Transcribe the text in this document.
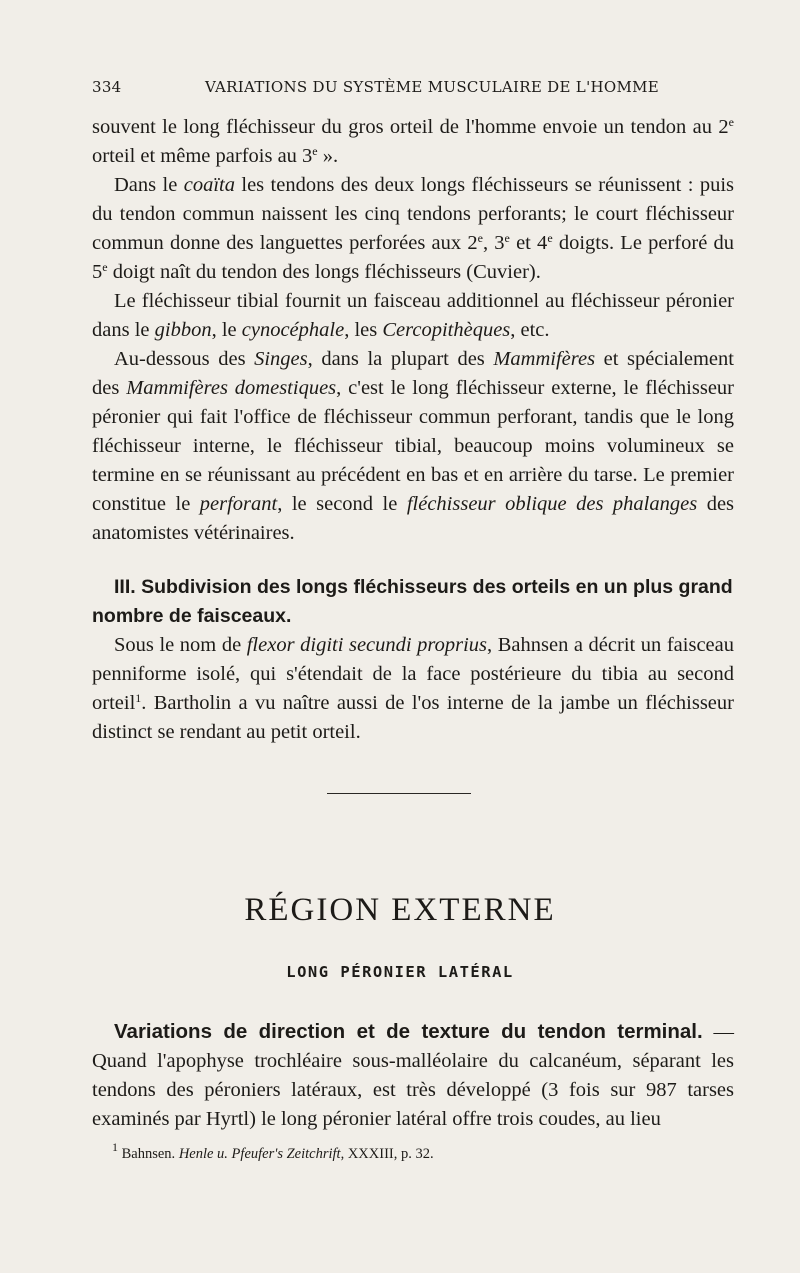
334	VARIATIONS DU SYSTÈME MUSCULAIRE DE L'HOMME

souvent le long fléchisseur du gros orteil de l'homme envoie un tendon au 2e orteil et même parfois au 3e ».

Dans le coaïta les tendons des deux longs fléchisseurs se réunissent : puis du tendon commun naissent les cinq tendons perforants; le court fléchisseur commun donne des languettes perforées aux 2e, 3e et 4e doigts. Le perforé du 5e doigt naît du tendon des longs fléchisseurs (Cuvier).

Le fléchisseur tibial fournit un faisceau additionnel au fléchisseur péronier dans le gibbon, le cynocéphale, les Cercopithèques, etc.

Au-dessous des Singes, dans la plupart des Mammifères et spécialement des Mammifères domestiques, c'est le long fléchisseur externe, le fléchisseur péronier qui fait l'office de fléchisseur commun perforant, tandis que le long fléchisseur interne, le fléchisseur tibial, beaucoup moins volumineux se termine en se réunissant au précédent en bas et en arrière du tarse. Le premier constitue le perforant, le second le fléchisseur oblique des phalanges des anatomistes vétérinaires.

III. Subdivision des longs fléchisseurs des orteils en un plus grand nombre de faisceaux.

Sous le nom de flexor digiti secundi proprius, Bahnsen a décrit un faisceau penniforme isolé, qui s'étendait de la face postérieure du tibia au second orteil$^1$. Bartholin a vu naître aussi de l'os interne de la jambe un fléchisseur distinct se rendant au petit orteil.

RÉGION EXTERNE
LONG PÉRONIER LATÉRAL

Variations de direction et de texture du tendon terminal. — Quand l'apophyse trochléaire sous-malléolaire du calcanéum, séparant les tendons des péroniers latéraux, est très développé (3 fois sur 987 tarses examinés par Hyrtl) le long péronier latéral offre trois coudes, au lieu

$^1$ Bahnsen. Henle u. Pfeufer's Zeitchrift, XXXIII, p. 32.
